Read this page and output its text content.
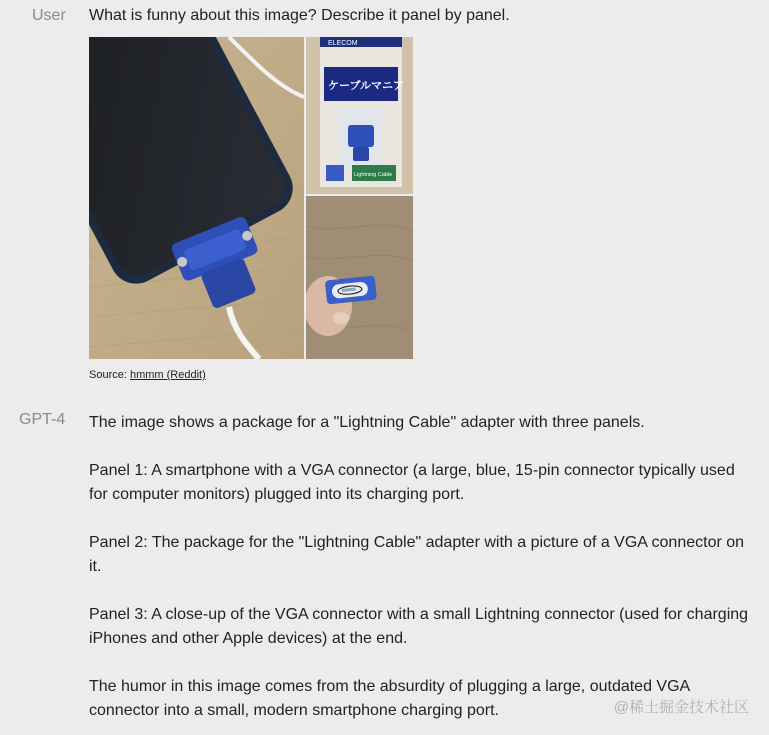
User What is funny about this image? Describe it panel by panel.
ELECOM
ケーブルマニア
Lightning Cable
Source: hmmm (Reddit)
GPT-4 The image shows a package for a "Lightning Cable" adapter with three panels.

Panel 1: A smartphone with a VGA connector (a large, blue, 15-pin connector typically used for computer monitors) plugged into its charging port.

Panel 2: The package for the "Lightning Cable" adapter with a picture of a VGA connector on it.

Panel 3: A close-up of the VGA connector with a small Lightning connector (used for charging iPhones and other Apple devices) at the end.

The humor in this image comes from the absurdity of plugging a large, outdated VGA connector into a small, modern smartphone charging port.	@稀土掘金技术社区
